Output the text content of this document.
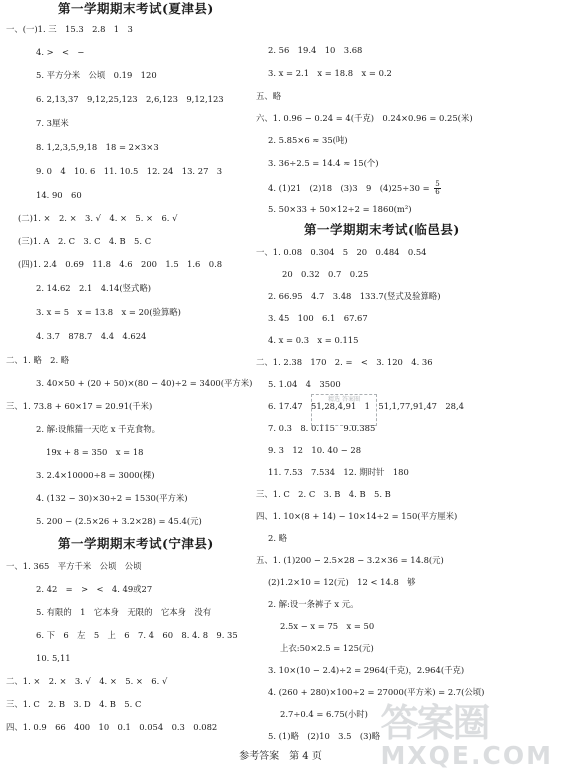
第一学期期末考试(夏津县)
一、(一)1. 三　15.3　2.8　1　3
4. >　<　−
5. 平方分米　公顷　0.19　120
6. 2,13,37　9,12,25,123　2,6,123　9,12,123
7. 3厘米
8. 1,2,3,5,9,18　18 = 2×3×3
9. 0　4　10. 6　11. 10.5　12. 24　13. 27　3
14. 90　60
(二)1. ×　2. ×　3. √　4. ×　5. ×　6. √
(三)1. A　2. C　3. C　4. B　5. C
(四)1. 2.4　0.69　11.8　4.6　200　1.5　1.6　0.8
2. 14.62　2.1　4.14(竖式略)
3. x = 5　x = 13.8　x = 20(验算略)
4. 3.7　878.7　4.4　4.624
二、1. 略　2. 略
3. 40×50 + (20 + 50)×(80 − 40)÷2 = 3400(平方米)
三、1. 73.8 + 60×17 = 20.91(千米)
2. 解:设熊猫一天吃 x 千克食物。
19x + 8 = 350　x = 18
3. 2.4×10000÷8 = 3000(棵)
4. (132 − 30)×30÷2 = 1530(平方米)
5. 200 − (2.5×26 + 3.2×28) = 45.4(元)
第一学期期末考试(宁津县)
一、1. 365　平方千米　公顷　公顷
2. 42　=　>　<　4. 49或27
5. 有限的　1　它本身　无限的　它本身　没有
6. 下　6　左　5　上　6　7. 4　60　8. 4. 8　9. 35
10. 5,11
二、1. ×　2. ×　3. √　4. ×　5. ×　6. √
三、1. C　2. B　3. D　4. B　5. C
四、1. 0.9　66　400　10　0.1　0.054　0.3　0.082
2. 56　19.4　10　3.68
3. x = 2.1　x = 18.8　x = 0.2
五、略
六、1. 0.96 − 0.24 = 4(千克)　0.24×0.96 = 0.25(米)
2. 5.85×6 ≈ 35(吨)
3. 36÷2.5 = 14.4 ≈ 15(个)
4. (1)21　(2)18　(3)3　9　$(4)25\div 30 = \frac{5}{6}$
5. 50×33 + 50×12÷2 = 1860(m²)
第一学期期末考试(临邑县)
一、1. 0.08　0.304　5　20　0.484　0.54
20　0.32　0.7　0.25
2. 66.95　4.7　3.48　133.7(竖式及验算略)
3. 45　100　6.1　67.67
4. x = 0.3　x = 0.115
二、1. 2.38　170　2. =　<　3. 120　4. 36
5. 1.04　4　3500
6. 17.47　51,28,4,91　1　51,1,77,91,47　28,4
7. 0.3　8. 0.115　9.0.385
9. 3　12　10. 40 − 28
11. 7.53　7.534　12. 期时针　180
三、1. C　2. C　3. B　4. B　5. B
四、1. 10×(8 + 14) − 10×14÷2 = 150(平方厘米)
2. 略
五、1. (1)200 − 2.5×28 − 3.2×36 = 14.8(元)
(2)1.2×10 = 12(元)　12 < 14.8　够
2. 解:设一条裤子 x 元。
2.5x − x = 75　x = 50
上衣:50×2.5 = 125(元)
3. 10×(10 − 2.4)÷2 = 2964(千克)，2.964(千克)
4. (260 + 280)×100÷2 = 27000(平方米) = 2.7(公顷)
2.7÷0.4 = 6.75(小时)
5. (1)略　(2)10　3.5　(3)略
精选 答案圈
答案圈
MXQE.COM
参考答案　第 4 页
